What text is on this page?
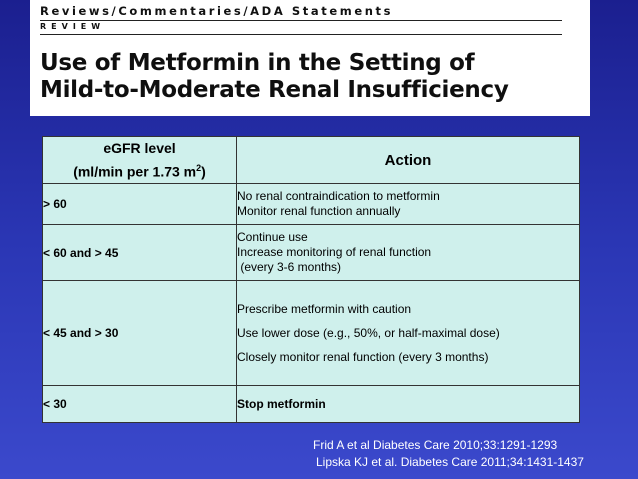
Reviews/Commentaries/ADA Statements
REVIEW
Use of Metformin in the Setting of
Mild-to-Moderate Renal Insufficiency
eGFR level
(ml/min per 1.73 $m^2$)	Action
> 60	No renal contraindication to metformin
Monitor renal function annually

< 60 and > 45	Continue use
Increase monitoring of renal function
(every 3-6 months)

< 45 and > 30	Prescribe metformin with caution
Use lower dose (e.g., 50%, or half-maximal dose)
Closely monitor renal function (every 3 months)

< 30	Stop metformin
Frid A et al Diabetes Care 2010;33:1291-1293
Lipska KJ et al. Diabetes Care 2011;34:1431-1437
